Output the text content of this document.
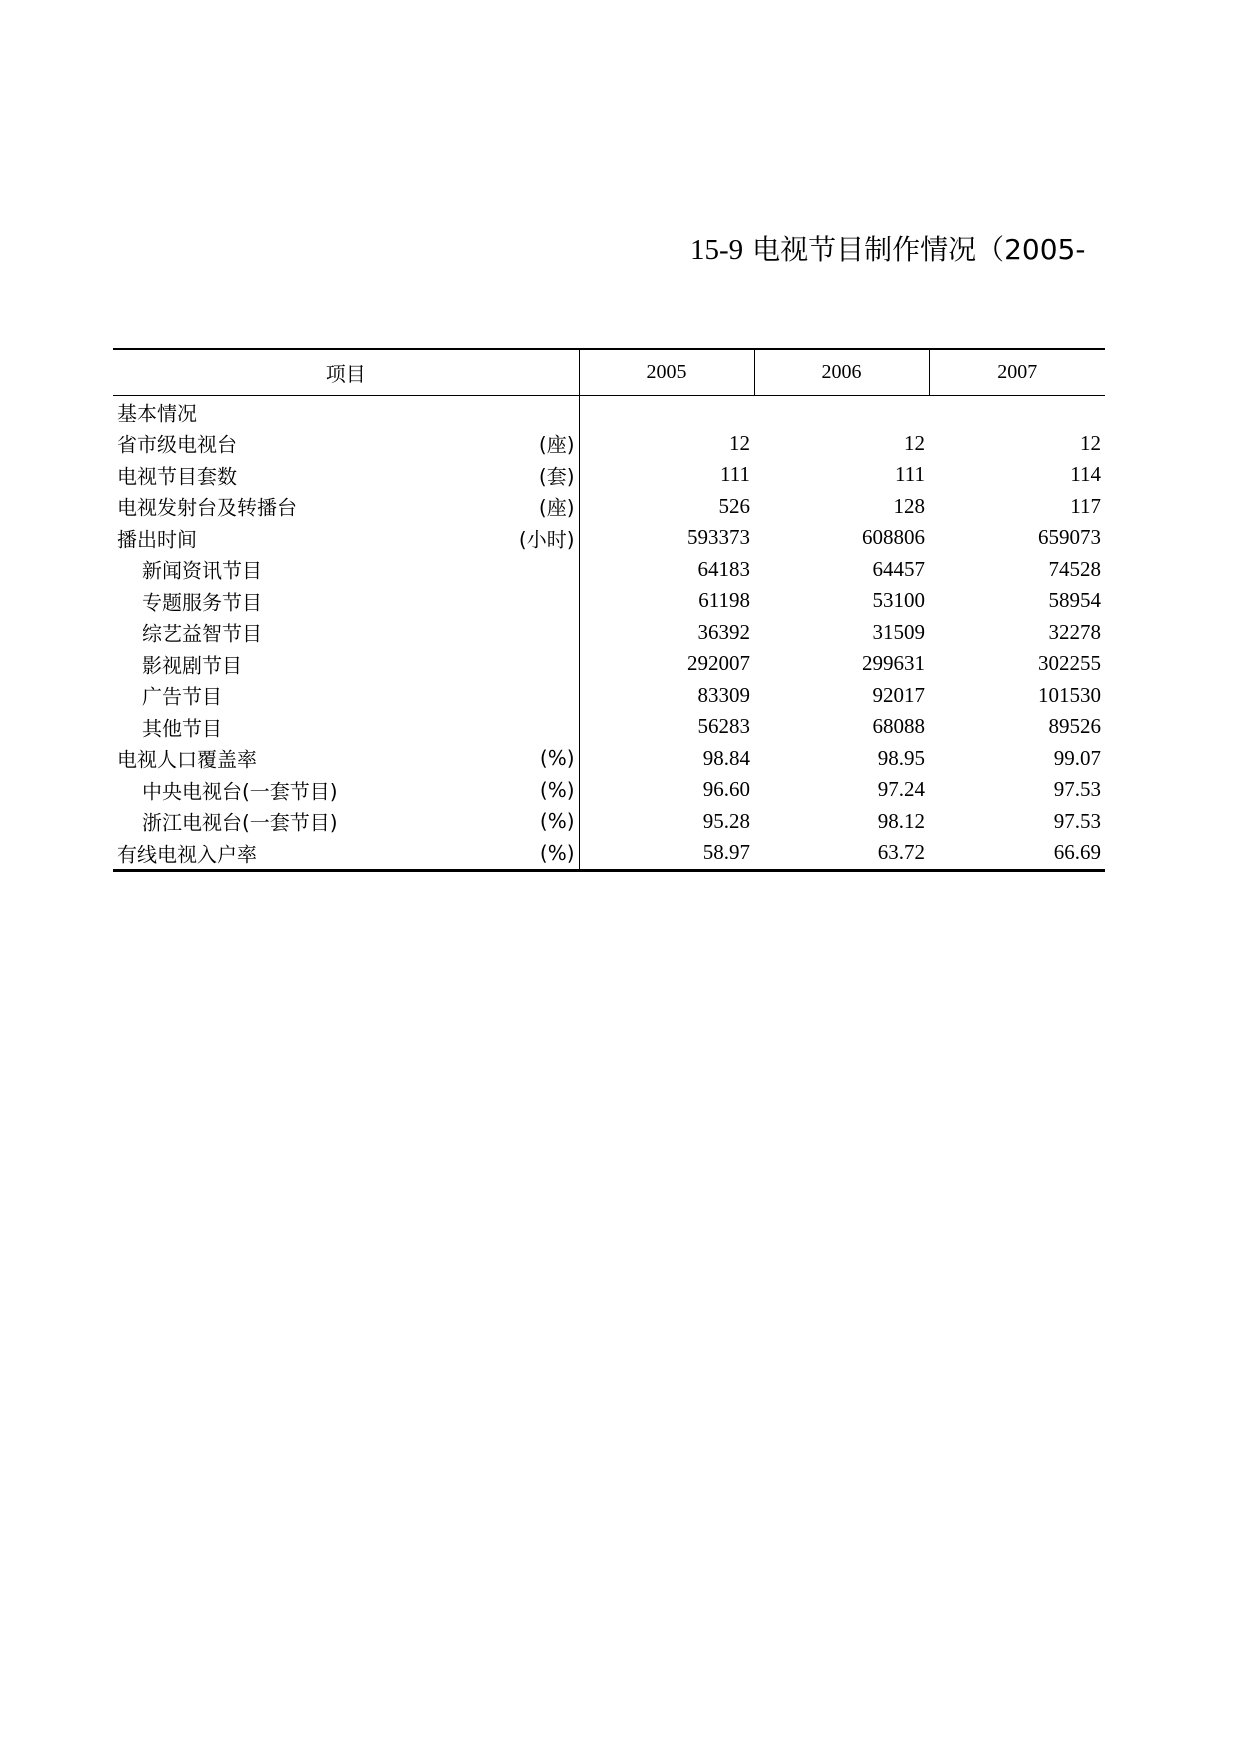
15-9 电视节目制作情况（2005-
项目	2005	2006	2007

基本情况			

省市级电视台 (座)	12	12	12

电视节目套数 (套)	111	111	114

电视发射台及转播台 (座)	526	128	117

播出时间 (小时)	593373	608806	659073

新闻资讯节目	64183	64457	74528

专题服务节目	61198	53100	58954

综艺益智节目	36392	31509	32278

影视剧节目	292007	299631	302255

广告节目	83309	92017	101530

其他节目	56283	68088	89526

电视人口覆盖率 (%)	98.84	98.95	99.07

中央电视台(一套节目) (%)	96.60	97.24	97.53

浙江电视台(一套节目) (%)	95.28	98.12	97.53

有线电视入户率 (%)	58.97	63.72	66.69
